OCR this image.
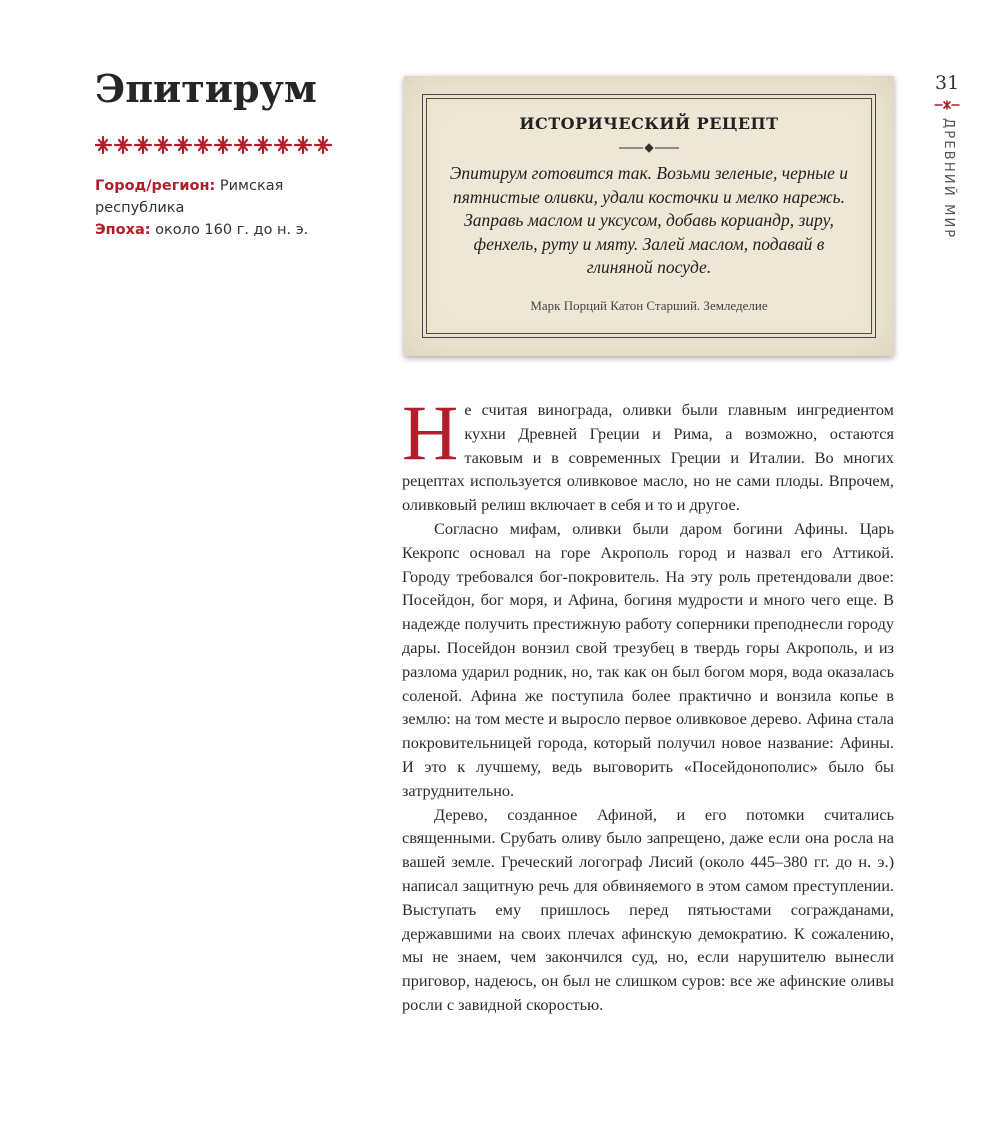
Эпитирум
Город/регион: Римская республика
Эпоха: около 160 г. до н. э.
ИСТОРИЧЕСКИЙ РЕЦЕПТ
Эпитирум готовится так. Возьми зеленые, черные и пятнистые оливки, удали косточки и мелко нарежь. Заправь маслом и уксусом, добавь кориандр, зиру, фенхель, руту и мяту. Залей маслом, подавай в глиняной посуде.
Марк Порций Катон Старший. Земледелие
31
ДРЕВНИЙ МИР

Не считая винограда, оливки были главным ингредиентом кухни Древней Греции и Рима, а возможно, остаются таковым и в современных Греции и Италии. Во многих рецептах используется оливковое масло, но не сами плоды. Впрочем, оливковый релиш включает в себя и то и другое.

Согласно мифам, оливки были даром богини Афины. Царь Кекропс основал на горе Акрополь город и назвал его Аттикой. Городу требовался бог-покровитель. На эту роль претендовали двое: Посейдон, бог моря, и Афина, богиня мудрости и много чего еще. В надежде получить престижную работу соперники преподнесли городу дары. Посейдон вонзил свой трезубец в твердь горы Акрополь, и из разлома ударил родник, но, так как он был богом моря, вода оказалась соленой. Афина же поступила более практично и вонзила копье в землю: на том месте и выросло первое оливковое дерево. Афина стала покровительницей города, который получил новое название: Афины. И это к лучшему, ведь выговорить «Посейдонополис» было бы затруднительно.

Дерево, созданное Афиной, и его потомки считались священными. Срубать оливу было запрещено, даже если она росла на вашей земле. Греческий логограф Лисий (около 445–380 гг. до н. э.) написал защитную речь для обвиняемого в этом самом преступлении. Выступать ему пришлось перед пятьюстами согражданами, державшими на своих плечах афинскую демократию. К сожалению, мы не знаем, чем закончился суд, но, если нарушителю вынесли приговор, надеюсь, он был не слишком суров: все же афинские оливы росли с завидной скоростью.
